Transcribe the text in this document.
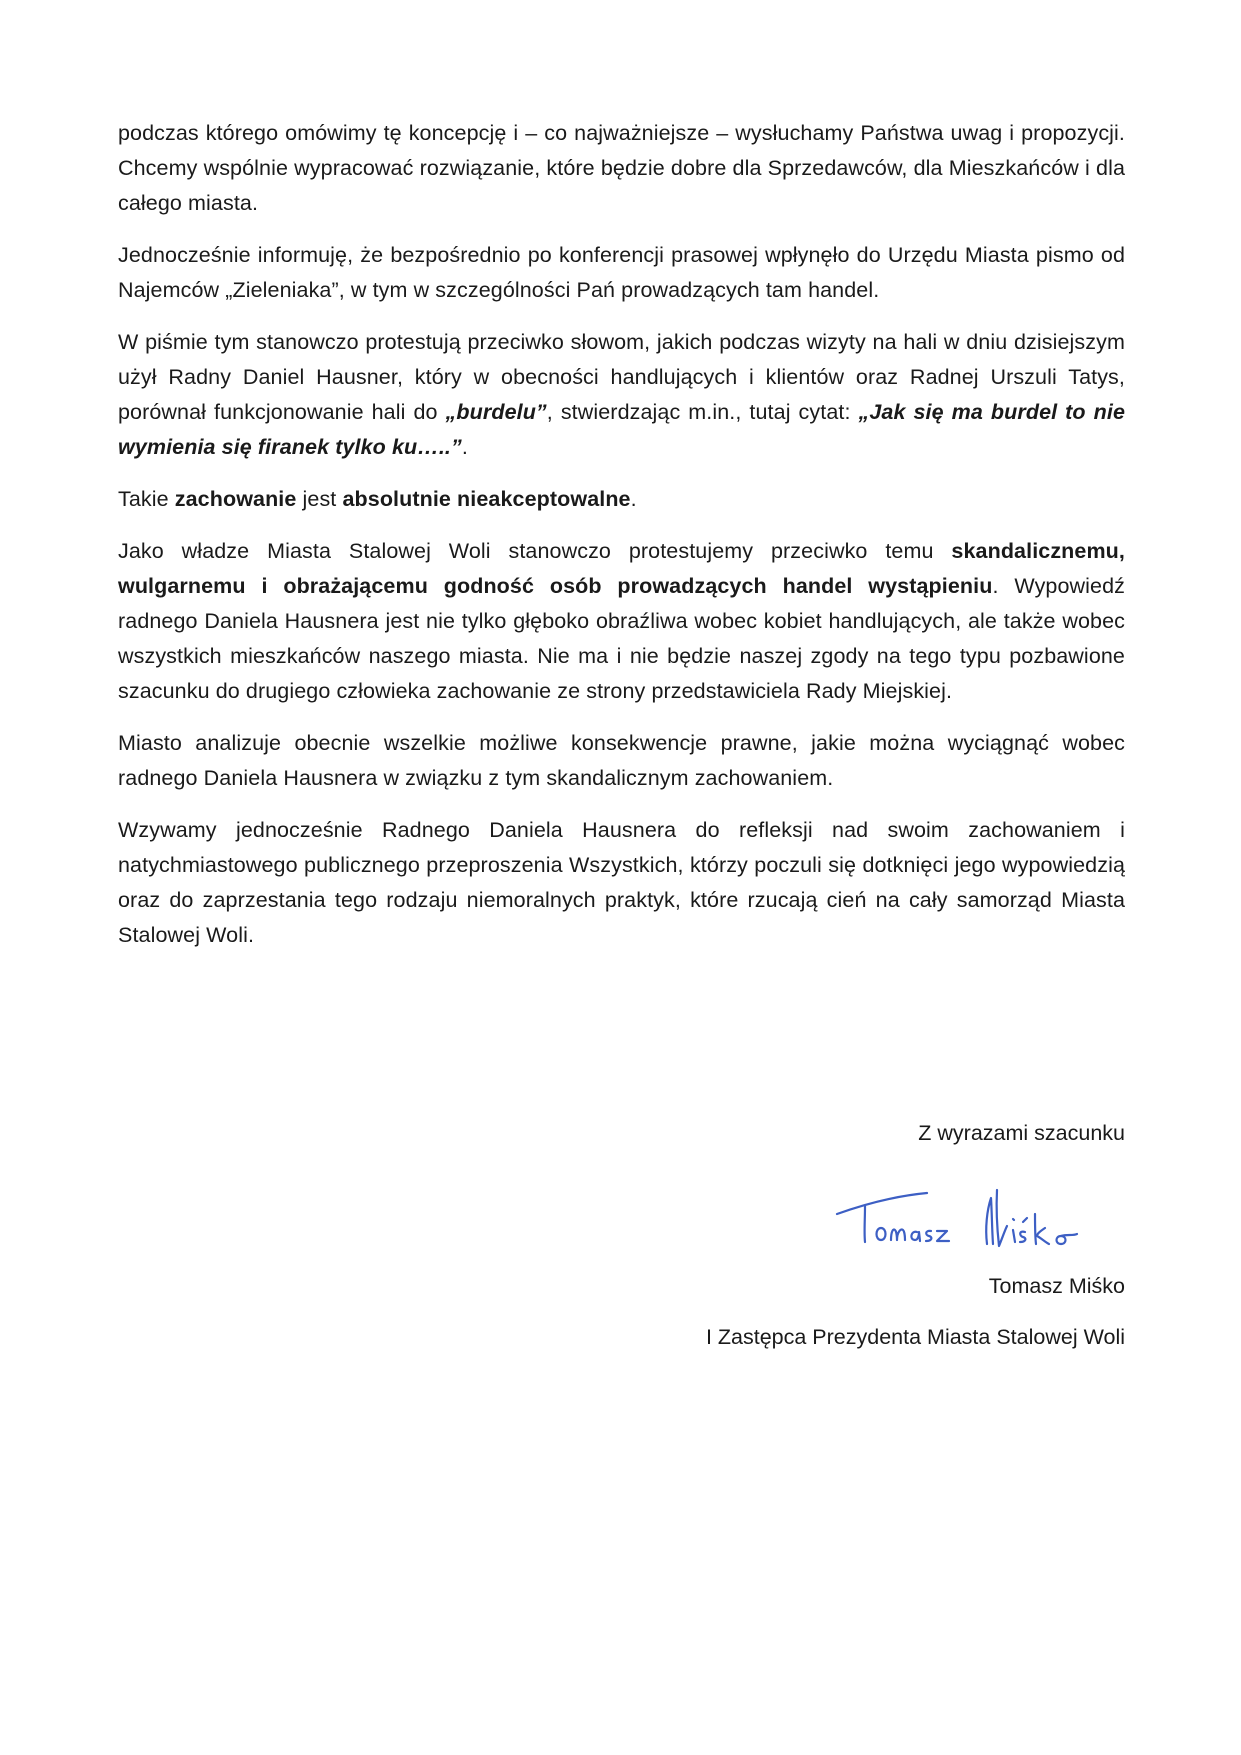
podczas którego omówimy tę koncepcję i – co najważniejsze – wysłuchamy Państwa uwag i propozycji. Chcemy wspólnie wypracować rozwiązanie, które będzie dobre dla Sprzedawców, dla Mieszkańców i dla całego miasta.

Jednocześnie informuję, że bezpośrednio po konferencji prasowej wpłynęło do Urzędu Miasta pismo od Najemców „Zieleniaka”, w tym w szczególności Pań prowadzących tam handel.

W piśmie tym stanowczo protestują przeciwko słowom, jakich podczas wizyty na hali w dniu dzisiejszym użył Radny Daniel Hausner, który w obecności handlujących i klientów oraz Radnej Urszuli Tatys, porównał funkcjonowanie hali do „burdelu”, stwierdzając m.in., tutaj cytat: „Jak się ma burdel to nie wymienia się firanek tylko ku…..”.

Takie zachowanie jest absolutnie nieakceptowalne.

Jako władze Miasta Stalowej Woli stanowczo protestujemy przeciwko temu skandalicznemu, wulgarnemu i obrażającemu godność osób prowadzących handel wystąpieniu. Wypowiedź radnego Daniela Hausnera jest nie tylko głęboko obraźliwa wobec kobiet handlujących, ale także wobec wszystkich mieszkańców naszego miasta. Nie ma i nie będzie naszej zgody na tego typu pozbawione szacunku do drugiego człowieka zachowanie ze strony przedstawiciela Rady Miejskiej.

Miasto analizuje obecnie wszelkie możliwe konsekwencje prawne, jakie można wyciągnąć wobec radnego Daniela Hausnera w związku z tym skandalicznym zachowaniem.

Wzywamy jednocześnie Radnego Daniela Hausnera do refleksji nad swoim zachowaniem i natychmiastowego publicznego przeproszenia Wszystkich, którzy poczuli się dotknięci jego wypowiedzią oraz do zaprzestania tego rodzaju niemoralnych praktyk, które rzucają cień na cały samorząd Miasta Stalowej Woli.

Z wyrazami szacunku
Tomasz Miśko
I Zastępca Prezydenta Miasta Stalowej Woli
